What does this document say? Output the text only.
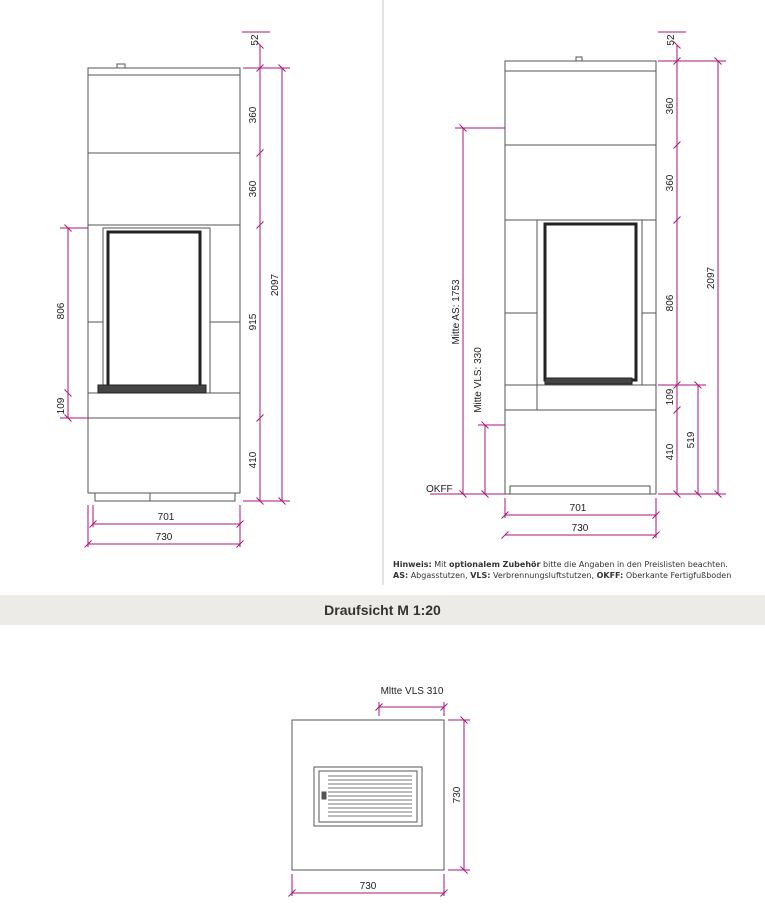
52
360
360
915
410
2097
806
109
701
730
52
360
360
806
109
410
2097
519
Mitte AS: 1753
Mitte VLS: 330
OKFF
701
730
Mltte VLS 310
730
730
Hinweis: Mit optionalem Zubehör bitte die Angaben in den Preislisten beachten.
AS: Abgasstutzen, VLS: Verbrennungsluftstutzen, OKFF: Oberkante Fertigfußboden
Draufsicht M 1:20
